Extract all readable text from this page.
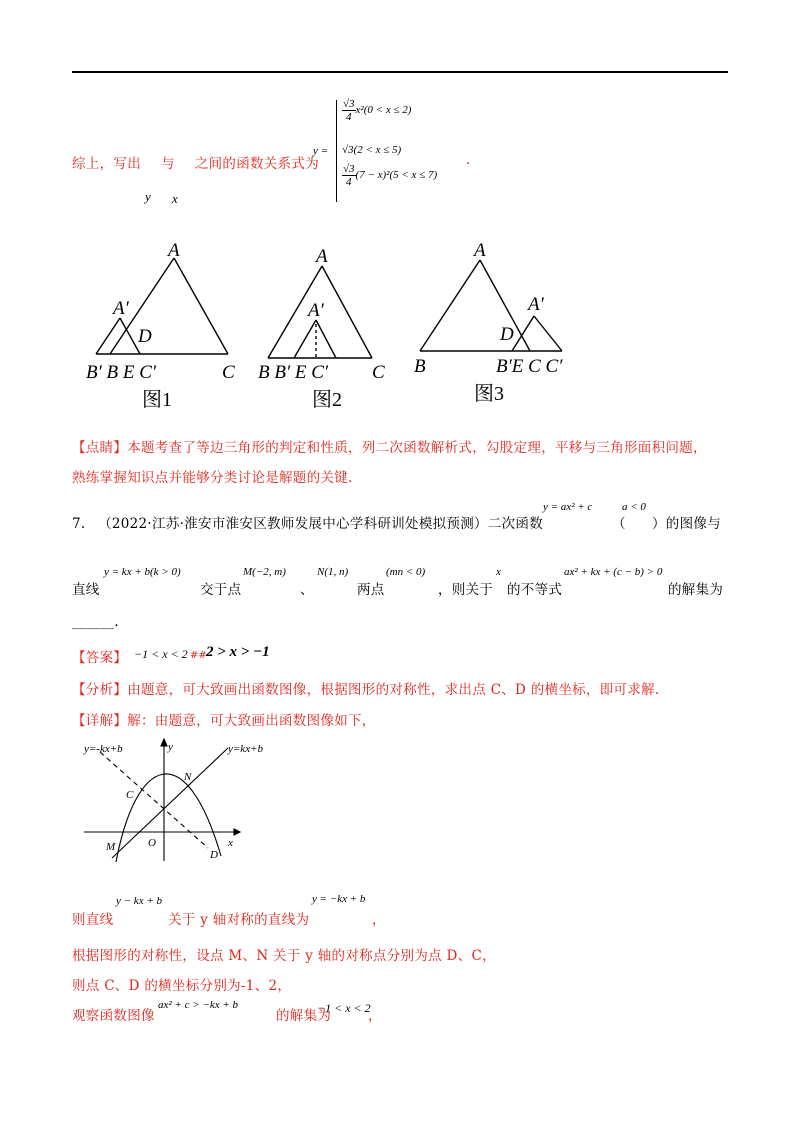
综上，写出 与 之间的函数关系式为
y x
y =
$\frac{√3}{4} x^2(0 < x \le 2)$
√3(2 < x ≤ 5)
$\frac{√3}{4} (7 - x)^2(5 < x \le 7)$
.
A
A′
D
B′ B E C′	C
图1
A
A′
B B′ E C′ C
图2
A
A′
D
B	B′E C C′
图3
【点睛】本题考查了等边三角形的判定和性质，列二次函数解析式，勾股定理，平移与三角形面积问题，
熟练掌握知识点并能够分类讨论是解题的关键.
7. （2022·江苏·淮安市淮安区教师发展中心学科研训处模拟预测）二次函数
y = ax² + c
（
a < 0
）的图像与
直线
y = kx + b(k > 0)
交于点
M(−2, m)
、
N(1, n)
两点
(mn < 0)
，则关于
x
的不等式
ax² + kx + (c − b) > 0
的解集为
______.
【答案】 −1 < x < 2 ## 2 > x > −1
【分析】由题意，可大致画出函数图像，根据图形的对称性，求出点 C、D 的横坐标，即可求解.
【详解】解：由题意，可大致画出函数图像如下，
y=-kx+b	y=kx+b
y
x
C
N
M	O
D
则直线
y − kx + b
关于 y 轴对称的直线为
y = −kx + b
，
根据图形的对称性，设点 M、N 关于 y 轴的对称点分别为点 D、C，
则点 C、D 的横坐标分别为-1、2，
观察函数图像
ax² + c > −kx + b
的解集为
−1 < x < 2
，
